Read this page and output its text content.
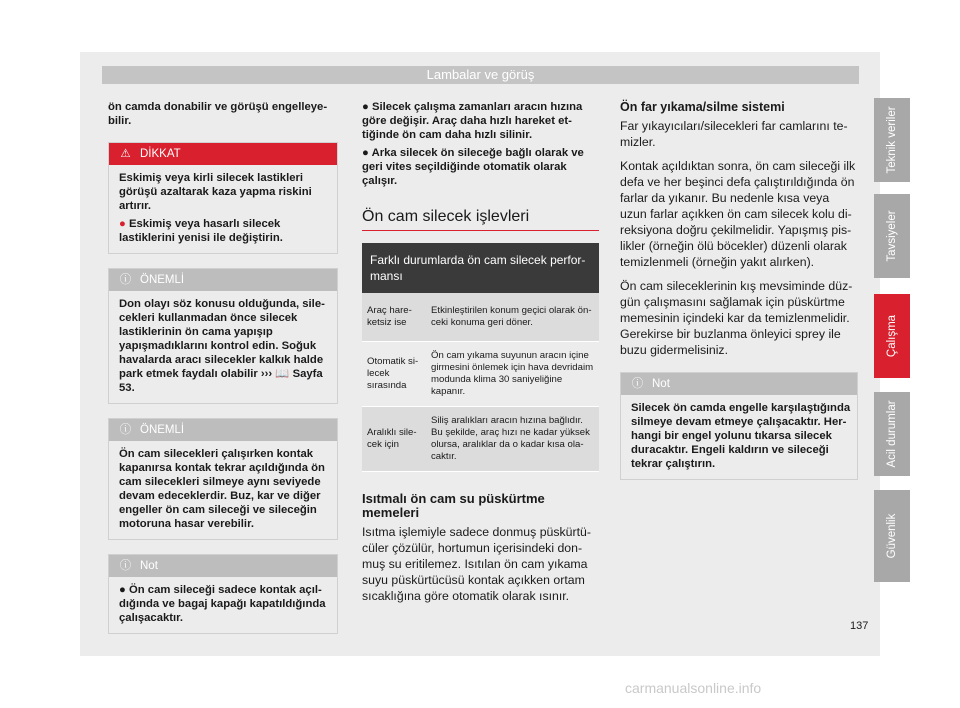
Lambalar ve görüş

ön camda donabilir ve görüşü engelleyebilir.

⚠ DİKKAT

Eskimiş veya kirli silecek lastikleri görüşü azaltarak kaza yapma riskini artırır.

● Eskimiş veya hasarlı silecek lastiklerini yenisi ile değiştirin.

ⓘ ÖNEMLİ
Don olayı söz konusu olduğunda, silecekleri kullanmadan önce silecek lastiklerinin ön cama yapışıp yapışmadıklarını kontrol edin. Soğuk havalarda aracı silecekler kalkık halde park etmek faydalı olabilir ››› 📖 Sayfa 53.
ⓘ ÖNEMLİ
Ön cam silecekleri çalışırken kontak kapanırsa kontak tekrar açıldığında ön cam silecekleri silmeye aynı seviyede devam edeceklerdir. Buz, kar ve diğer engeller ön cam sileceği ve sileceğin motoruna hasar verebilir.
ⓘ Not
● Ön cam sileceği sadece kontak açıldığında ve bagaj kapağı kapatıldığında çalışacaktır.

● Silecek çalışma zamanları aracın hızına göre değişir. Araç daha hızlı hareket ettiğinde ön cam daha hızlı silinir.

● Arka silecek ön sileceğe bağlı olarak ve geri vites seçildiğinde otomatik olarak çalışır.

Ön cam silecek işlevleri
Farklı durumlarda ön cam silecek performansı	
Araç hareketsiz ise	Etkinleştirilen konum geçici olarak önceki konuma geri döner.
Otomatik silecek sırasında	Ön cam yıkama suyunun aracın içine girmesini önlemek için hava devridaim modunda klima 30 saniyeliğine kapanır.
Aralıklı silecek için	Siliş aralıkları aracın hızına bağlıdır. Bu şekilde, araç hızı ne kadar yüksek olursa, aralıklar da o kadar kısa olacaktır.
Isıtmalı ön cam su püskürtme memeleri

Isıtma işlemiyle sadece donmuş püskürtücüler çözülür, hortumun içerisindeki donmuş su eritilemez. Isıtılan ön cam yıkama suyu püskürtücüsü kontak açıkken ortam sıcaklığına göre otomatik olarak ısınır.

Ön far yıkama/silme sistemi

Far yıkayıcıları/silecekleri far camlarını temizler.

Kontak açıldıktan sonra, ön cam sileceği ilk defa ve her beşinci defa çalıştırıldığında ön farlar da yıkanır. Bu nedenle kısa veya uzun farlar açıkken ön cam silecek kolu direksiyona doğru çekilmelidir. Yapışmış pislikler (örneğin ölü böcekler) düzenli olarak temizlenmeli (örneğin yakıt alırken).

Ön cam sileceklerinin kış mevsiminde düzgün çalışmasını sağlamak için püskürtme memesinin içindeki kar da temizlenmelidir. Gerekirse bir buzlanma önleyici sprey ile buzu gidermelisiniz.

ⓘ Not
Silecek ön camda engelle karşılaştığında silmeye devam etmeye çalışacaktır. Herhangi bir engel yolunu tıkarsa silecek duracaktır. Engeli kaldırın ve sileceği tekrar çalıştırın.
Teknik veriler
Tavsiyeler
Çalışma
Acil durumlar
Güvenlik
137
carmanualsonline.info
